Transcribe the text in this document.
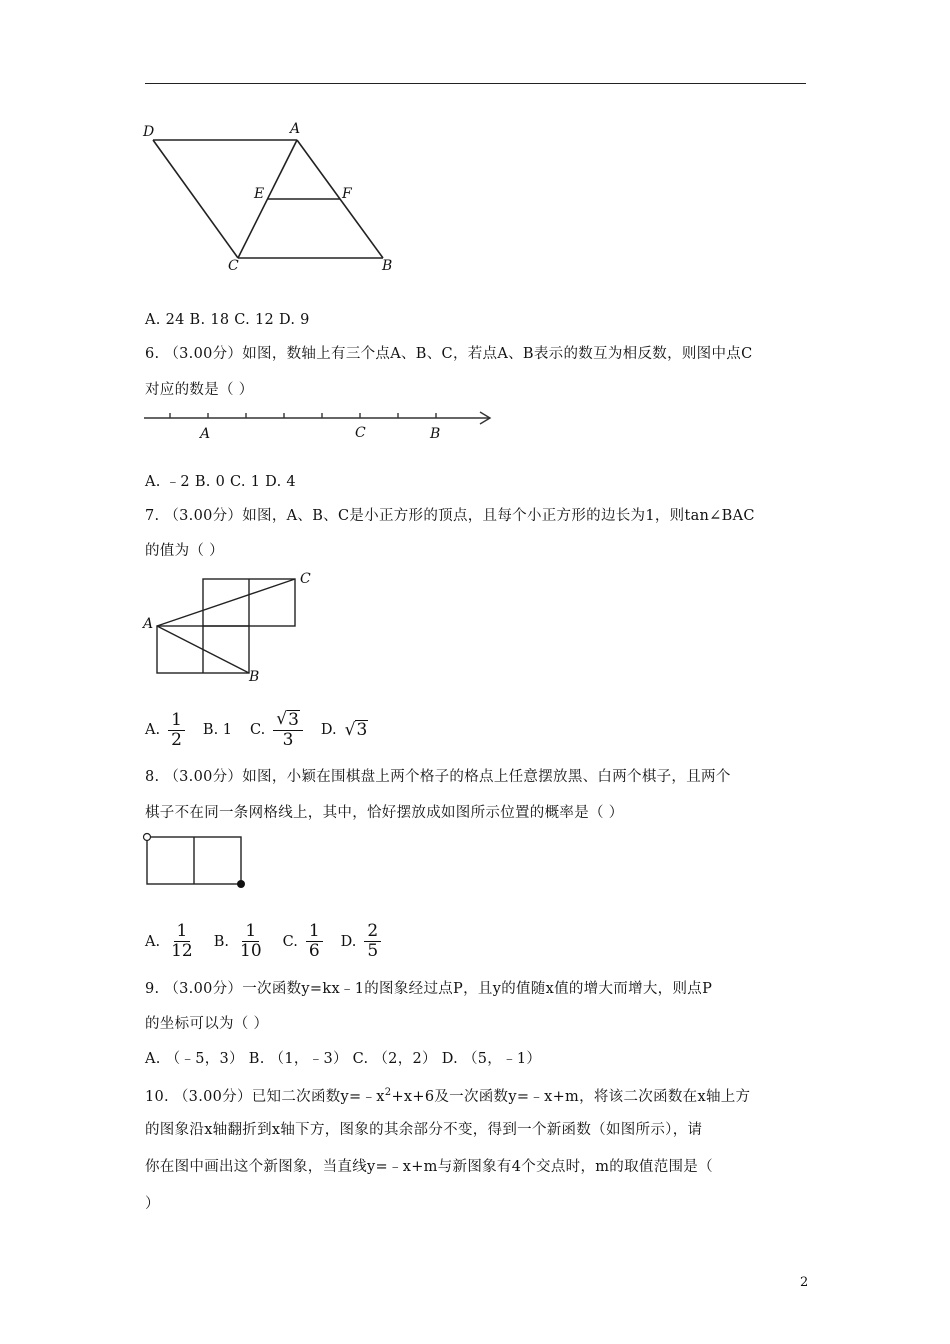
D	A
E	F
C	B
A. 24 B. 18 C. 12 D. 9
6. （3.00分）如图，数轴上有三个点A、B、C，若点A、B表示的数互为相反数，则图中点C
对应的数是（ ）
A	C	B
A. ﹣2 B. 0 C. 1 D. 4
7. （3.00分）如图，A、B、C是小正方形的顶点，且每个小正方形的边长为1，则tan∠BAC
的值为（ ）
A
B
C
A. $\frac{1}{2} B$. 1 C. $\frac{√ 3}{3} D$. √ 3
8. （3.00分）如图，小颖在围棋盘上两个格子的格点上任意摆放黑、白两个棋子，且两个
棋子不在同一条网格线上，其中，恰好摆放成如图所示位置的概率是（ ）
A. $\frac{1}{12} B$. $\frac{1}{10} C$. $\frac{1}{6} D$. $\frac{2}{5}$
9. （3.00分）一次函数y=kx﹣1的图象经过点P，且y的值随x值的增大而增大，则点P
的坐标可以为（ ）
A. （﹣5，3） B. （1，﹣3） C. （2，2） D. （5，﹣1）
10. （3.00分）已知二次函数$y=﹣x^2+x+6$及一次函数y=﹣x+m，将该二次函数在x轴上方
的图象沿x轴翻折到x轴下方，图象的其余部分不变，得到一个新函数（如图所示），请
你在图中画出这个新图象，当直线y=﹣x+m与新图象有4个交点时，m的取值范围是（
）
2
